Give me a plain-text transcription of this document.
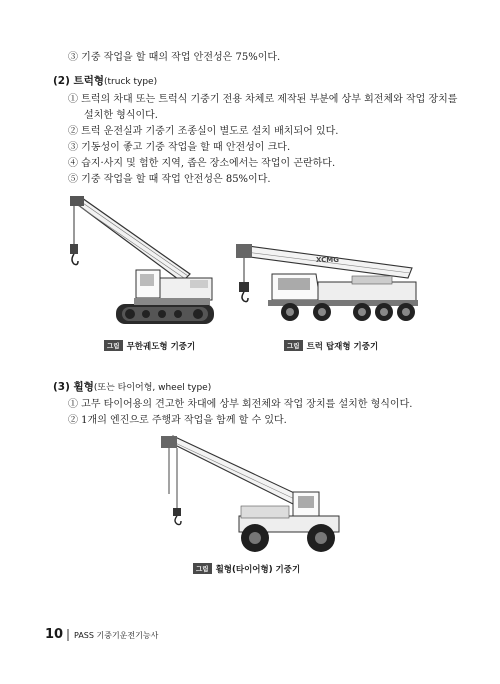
③ 기중 작업을 할 때의 작업 안전성은 75%이다.
(2) 트럭형(truck type)
① 트럭의 차대 또는 트럭식 기중기 전용 차체로 제작된 부분에 상부 회전체와 작업 장치를
설치한 형식이다.
② 트럭 운전실과 기중기 조종실이 별도로 설치 배치되어 있다.
③ 기동성이 좋고 기중 작업을 할 때 안전성이 크다.
④ 습지·사지 및 험한 지역, 좁은 장소에서는 작업이 곤란하다.
⑤ 기중 작업을 할 때 작업 안전성은 85%이다.
XCMG
그림 무한궤도형 기중기	그림 트럭 탑재형 기중기
(3) 휠형(또는 타이어형, wheel type)
① 고무 타이어용의 견고한 차대에 상부 회전체와 작업 장치를 설치한 형식이다.
② 1개의 엔진으로 주행과 작업을 함께 할 수 있다.
그림 휠형(타이어형) 기중기
10 PASS 기중기운전기능사
